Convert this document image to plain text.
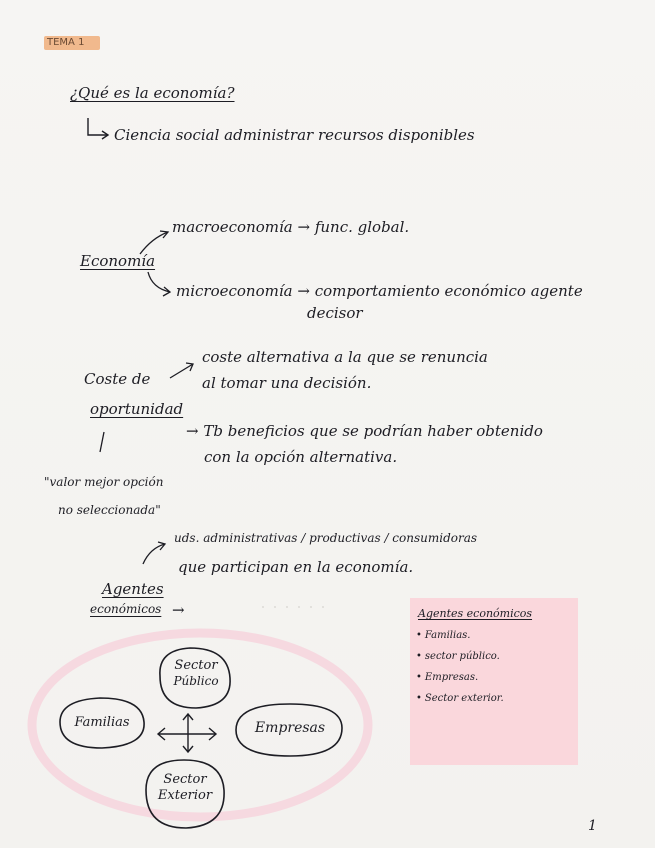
TEMA 1
¿Qué es la economía?
Ciencia social administrar recursos disponibles
Economía
macroeconomía → func. global.
microeconomía → comportamiento económico agente
decisor
Coste de
oportunidad
coste alternativa a la que se renuncia
al tomar una decisión.
→ Tb beneficios que se podrían haber obtenido
con la opción alternativa.
"valor mejor opción
no seleccionada"
uds. administrativas / productivas / consumidoras
que participan en la economía.
Agentes
económicos →
Sector
Público
Familias	Empresas
Sector
Exterior
Agentes económicos
• Familias.
• sector público.
• Empresas.
• Sector exterior.
1
